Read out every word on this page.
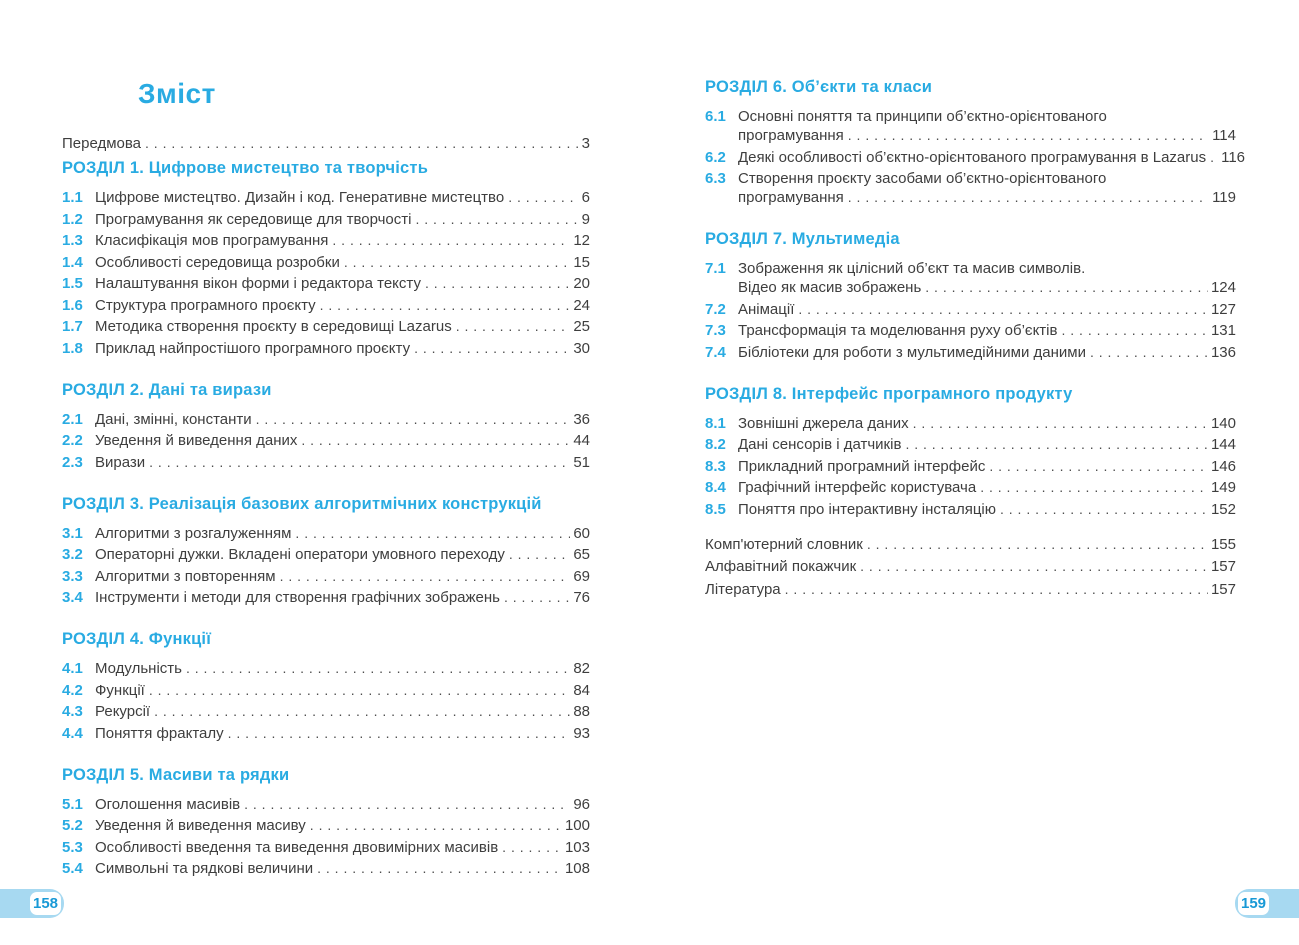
Зміст
Передмова . . .	3
РОЗДІЛ 1. Цифрове мистецтво та творчість
1.1 Цифрове мистецтво. Дизайн і код. Генеративне мистецтво . . .	6
1.2 Програмування як середовище для творчості . . .	9
1.3 Класифікація мов програмування . . .	12
1.4 Особливості середовища розробки . . .	15
1.5 Налаштування вікон форми і редактора тексту . . .	20
1.6 Структура програмного проєкту . . .	24
1.7 Методика створення проєкту в середовищі Lazarus . . .	25
1.8 Приклад найпростішого програмного проєкту . . .	30
РОЗДІЛ 2. Дані та вирази
2.1 Дані, змінні, константи . . .	36
2.2 Уведення й виведення даних . . .	44
2.3 Вирази . . .	51
РОЗДІЛ 3. Реалізація базових алгоритмічних конструкцій
3.1 Алгоритми з розгалуженням . . .	60
3.2 Операторні дужки. Вкладені оператори умовного переходу . . .	65
3.3 Алгоритми з повторенням . . .	69
3.4 Інструменти і методи для створення графічних зображень . . .	76
РОЗДІЛ 4. Функції
4.1 Модульність . . .	82
4.2 Функції . . .	84
4.3 Рекурсії . . .	88
4.4 Поняття фракталу . . .	93
РОЗДІЛ 5. Масиви та рядки
5.1 Оголошення масивів . . .	96
5.2 Уведення й виведення масиву . . .	100
5.3 Особливості введення та виведення двовимірних масивів . . .	103
5.4 Символьні та рядкові величини . . .	108
РОЗДІЛ 6. Об’єкти та класи
6.1 Основні поняття та принципи об’єктно-орієнтованого
програмування . . .	114
6.2 Деякі особливості об’єктно-орієнтованого програмування в Lazarus . . . 116
6.3 Створення проєкту засобами об’єктно-орієнтованого
програмування . . .	119
РОЗДІЛ 7. Мультимедіа
7.1 Зображення як цілісний об’єкт та масив символів.
Відео як масив зображень . . .	124
7.2 Анімації . . .	127
7.3 Трансформація та моделювання руху об’єктів . . .	131
7.4 Бібліотеки для роботи з мультимедійними даними . . .	136
РОЗДІЛ 8. Інтерфейс програмного продукту
8.1 Зовнішні джерела даних . . .	140
8.2 Дані сенсорів і датчиків . . .	144
8.3 Прикладний програмний інтерфейс . . .	146
8.4 Графічний інтерфейс користувача . . .	149
8.5 Поняття про інтерактивну інсталяцію . . .	152
Комп'ютерний словник . . .	155
Алфавітний покажчик . . .	157
Література . . .	157
158	159
